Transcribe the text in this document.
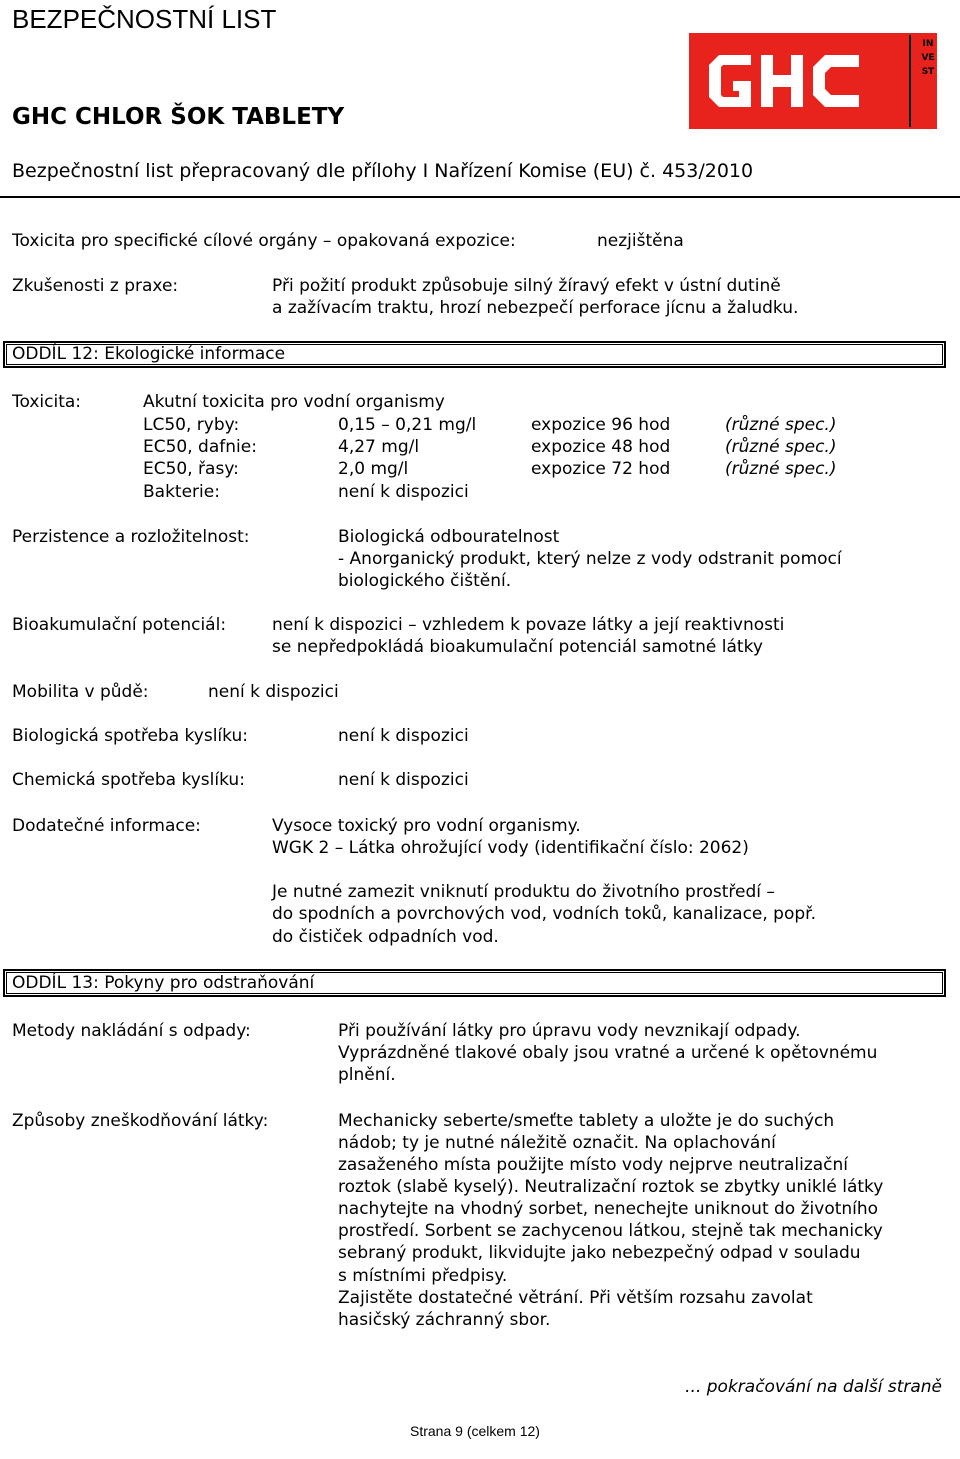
BEZPEČNOSTNÍ LIST
GHC CHLOR ŠOK TABLETY
Bezpečnostní list přepracovaný dle přílohy I Nařízení Komise (EU) č. 453/2010
INVEST
Toxicita pro specifické cílové orgány – opakovaná expozice:	nezjištěna
Zkušenosti z praxe:	Při požití produkt způsobuje silný žíravý efekt v ústní dutině
a zažívacím traktu, hrozí nebezpečí perforace jícnu a žaludku.
ODDÍL 12: Ekologické informace
Toxicita:	Akutní toxicita pro vodní organismy
LC50, ryby:	0,15 – 0,21 mg/l	expozice 96 hod	(různé spec.)
EC50, dafnie:	4,27 mg/l	expozice 48 hod	(různé spec.)
EC50, řasy:	2,0 mg/l	expozice 72 hod	(různé spec.)
Bakterie:	není k dispozici
Perzistence a rozložitelnost:	Biologická odbouratelnost
- Anorganický produkt, který nelze z vody odstranit pomocí
biologického čištění.
Bioakumulační potenciál:	není k dispozici – vzhledem k povaze látky a její reaktivnosti
se nepředpokládá bioakumulační potenciál samotné látky
Mobilita v půdě:	není k dispozici
Biologická spotřeba kyslíku:	není k dispozici
Chemická spotřeba kyslíku:	není k dispozici
Dodatečné informace:	Vysoce toxický pro vodní organismy.
WGK 2 – Látka ohrožující vody (identifikační číslo: 2062)
Je nutné zamezit vniknutí produktu do životního prostředí –
do spodních a povrchových vod, vodních toků, kanalizace, popř.
do čističek odpadních vod.
ODDÍL 13: Pokyny pro odstraňování
Metody nakládání s odpady:	Při používání látky pro úpravu vody nevznikají odpady.
Vyprázdněné tlakové obaly jsou vratné a určené k opětovnému
plnění.
Způsoby zneškodňování látky:	Mechanicky seberte/smeťte tablety a uložte je do suchých
nádob; ty je nutné náležitě označit. Na oplachování
zasaženého místa použijte místo vody nejprve neutralizační
roztok (slabě kyselý). Neutralizační roztok se zbytky uniklé látky
nachytejte na vhodný sorbet, nenechejte uniknout do životního
prostředí. Sorbent se zachycenou látkou, stejně tak mechanicky
sebraný produkt, likvidujte jako nebezpečný odpad v souladu
s místními předpisy.
Zajistěte dostatečné větrání. Při větším rozsahu zavolat
hasičský záchranný sbor.
... pokračování na další straně
Strana 9 (celkem 12)
